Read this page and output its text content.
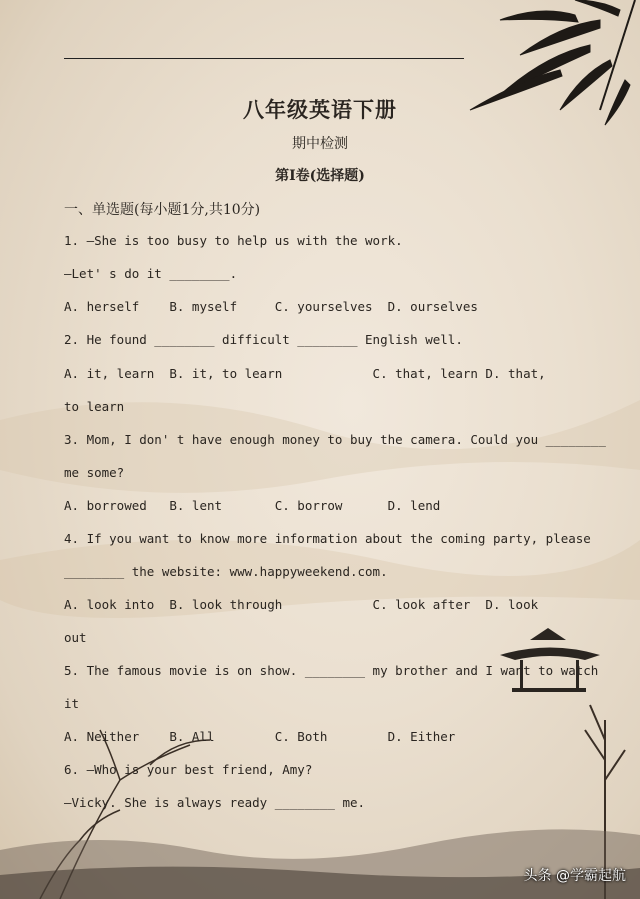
八年级英语下册
期中检测
第Ⅰ卷(选择题)
一、单选题(每小题1分,共10分)
1. —She is too busy to help us with the work.
—Let' s do it ________.
A. herself    B. myself     C. yourselves  D. ourselves
2. He found ________ difficult ________ English well.
A. it, learn  B. it, to learn            C. that, learn D. that,
to learn
3. Mom, I don' t have enough money to buy the camera. Could you ________
me some?
A. borrowed   B. lent       C. borrow      D. lend
4. If you want to know more information about the coming party, please
________ the website: www.happyweekend.com.
A. look into  B. look through            C. look after  D. look
out
5. The famous movie is on show. ________ my brother and I want to watch
it
A. Neither    B. All        C. Both        D. Either
6. —Who is your best friend, Amy?
—Vicky. She is always ready ________ me.
头条 @学霸起航
